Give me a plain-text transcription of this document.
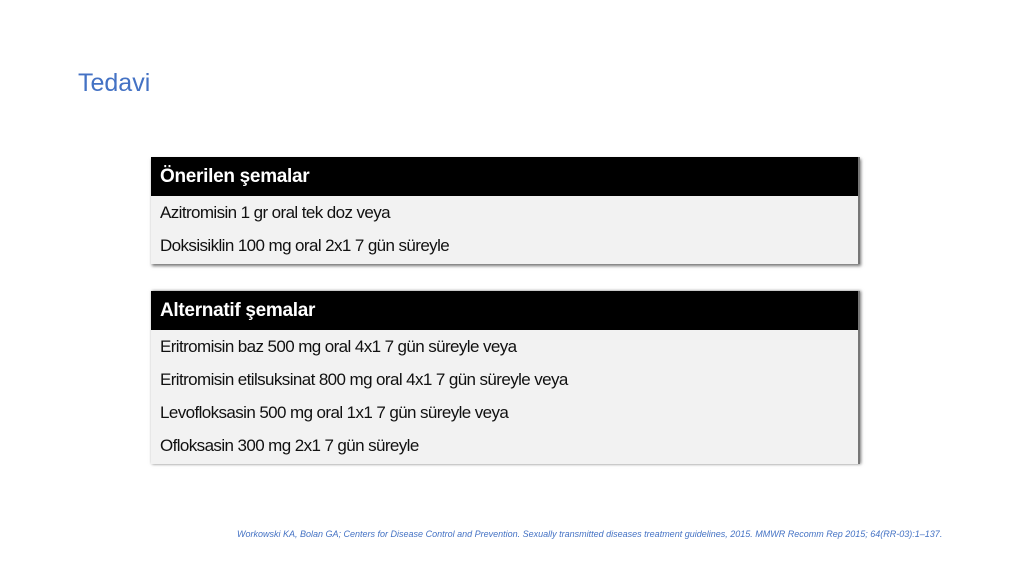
Tedavi
Önerilen şemalar
Azitromisin 1 gr oral tek doz veya
Doksisiklin 100 mg oral 2x1 7 gün süreyle
Alternatif şemalar
Eritromisin baz 500 mg oral 4x1 7 gün süreyle veya
Eritromisin etilsuksinat 800 mg oral 4x1 7 gün süreyle veya
Levofloksasin 500 mg oral 1x1 7 gün süreyle veya
Ofloksasin 300 mg 2x1 7 gün süreyle
Workowski KA, Bolan GA; Centers for Disease Control and Prevention. Sexually transmitted diseases treatment guidelines, 2015. MMWR Recomm Rep 2015; 64(RR-03):1–137.
